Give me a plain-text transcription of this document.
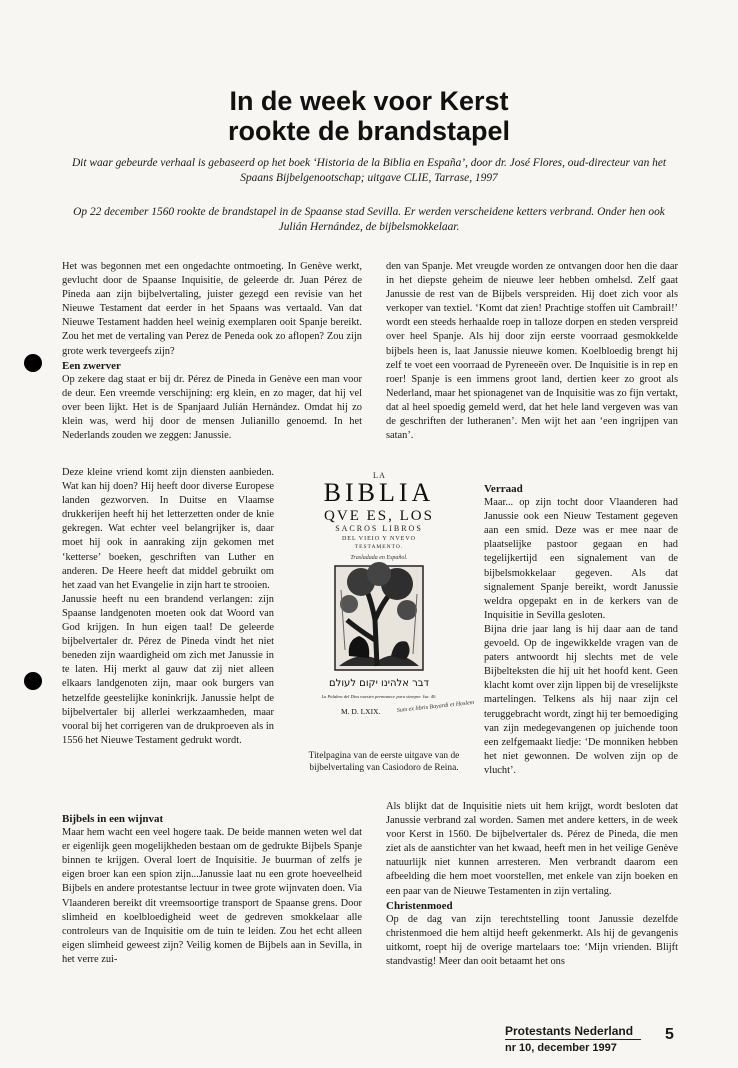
In de week voor Kerst
rookte de brandstapel
Dit waar gebeurde verhaal is gebaseerd op het boek ‘Historia de la Biblia en España’, door dr. José Flores, oud-directeur van het Spaans Bijbelgenootschap; uitgave CLIE, Tarrase, 1997
Op 22 december 1560 rookte de brandstapel in de Spaanse stad Sevilla. Er werden verscheidene ketters verbrand. Onder hen ook Julián Hernández, de bijbelsmokkelaar.

Het was begonnen met een ongedachte ontmoeting. In Genève werkt, gevlucht door de Spaanse Inquisitie, de geleerde dr. Juan Pérez de Pineda aan zijn bijbelvertaling, juister gezegd een revisie van het Nieuwe Testament dat eerder in het Spaans was vertaald. Van dat Nieuwe Testament hadden heel weinig exemplaren ooit Spanje bereikt. Zou het met de vertaling van Perez de Peneda ook zo aflopen? Zou zijn grote werk tevergeefs zijn?

Een zwerver

Op zekere dag staat er bij dr. Pérez de Pineda in Genève een man voor de deur. Een vreemde verschijning: erg klein, en zo mager, dat hij vel over been lijkt. Het is de Spanjaard Julián Hernández. Omdat hij zo klein was, werd hij door de mensen Julianillo genoemd. In het Nederlands zouden we zeggen: Janussie.

Deze kleine vriend komt zijn diensten aanbieden. Wat kan hij doen? Hij heeft door diverse Europese landen gezworven. In Duitse en Vlaamse drukkerijen heeft hij het letterzetten onder de knie gekregen. Wat echter veel belangrijker is, daar moet hij ook in aanraking zijn gekomen met ‘ketterse’ boeken, geschriften van Luther en anderen. De Heere heeft dat middel gebruikt om het zaad van het Evangelie in zijn hart te strooien.

Janussie heeft nu een brandend verlangen: zijn Spaanse landgenoten moeten ook dat Woord van God krijgen. In hun eigen taal! De geleerde bijbelvertaler dr. Pérez de Pineda vindt het niet beneden zijn waardigheid om zich met Janussie in te laten. Hij merkt al gauw dat zij niet alleen elkaars landgenoten zijn, maar ook burgers van hetzelfde geestelijke koninkrijk. Janussie helpt de bijbelvertaler bij allerlei werkzaamheden, maar vooral bij het corrigeren van de drukproeven als in 1556 het Nieuwe Testament gedrukt wordt.

Bijbels in een wijnvat

Maar hem wacht een veel hogere taak. De beide mannen weten wel dat er eigenlijk geen mogelijkheden bestaan om de gedrukte Bijbels Spanje binnen te krijgen. Overal loert de Inquisitie. Je buurman of zelfs je eigen broer kan een spion zijn...Janussie laat nu een grote hoeveelheid Bijbels en andere protestantse lectuur in twee grote wijnvaten doen. Via Vlaanderen bereikt dit vreemsoortige transport de Spaanse grens. Door slimheid en koelbloedigheid weet de gedreven smokkelaar alle controleurs van de Inquisitie om de tuin te leiden. Zou het echt alleen eigen slimheid geweest zijn? Veilig komen de Bijbels aan in Sevilla, in het verre zui-

den van Spanje. Met vreugde worden ze ontvangen door hen die daar in het diepste geheim de nieuwe leer hebben omhelsd. Zelf gaat Janussie de rest van de Bijbels verspreiden. Hij doet zich voor als verkoper van textiel. ‘Komt dat zien! Prachtige stoffen uit Cambrail!’ wordt een steeds herhaalde roep in talloze dorpen en steden verspreid over heel Spanje. Als hij door zijn eerste voorraad gesmokkelde bijbels heen is, laat Janussie nieuwe komen. Koelbloedig brengt hij zelf te voet een voorraad de Pyreneeën over. De Inquisitie is in rep en roer! Spanje is een immens groot land, dertien keer zo groot als Nederland, maar het spionagenet van de Inquisitie was zo fijn vertakt, dat al heel spoedig gemeld werd, dat het hele land vergeven was van de geschriften der lutheranen’. Men wijt het aan ‘een ingrijpen van satan’.

Verraad

Maar... op zijn tocht door Vlaanderen had Janussie ook een Nieuw Testament gegeven aan een smid. Deze was er mee naar de plaatselijke pastoor gegaan en had tegelijkertijd een signalement van de bijbelsmokkelaar gegeven. Als dat signalement Spanje bereikt, wordt Janussie weldra opgepakt en in de kerkers van de Inquisitie in Sevilla gesloten.

Bijna drie jaar lang is hij daar aan de tand gevoeld. Op de ingewikkelde vragen van de paters antwoordt hij slechts met de vele Bijbelteksten die hij uit het hoofd kent. Geen klacht komt over zijn lippen bij de vreselijkste martelingen. Telkens als hij naar zijn cel teruggebracht wordt, zingt hij ter bemoediging van zijn medegevangenen op juichende toon een zelfgemaakt liedje: ‘De monniken hebben het niet gewonnen. De wolven zijn op de vlucht’.

Als blijkt dat de Inquisitie niets uit hem krijgt, wordt besloten dat Janussie verbrand zal worden. Samen met andere ketters, in de week voor Kerst in 1560. De bijbelvertaler ds. Pérez de Pineda, die men ziet als de aanstichter van het kwaad, heeft men in het veilige Genève natuurlijk niet kunnen arresteren. Men verbrandt daarom een afbeelding die hem moet voorstellen, met enkele van zijn boeken en een paar van de Nieuwe Testamenten in zijn vertaling.

Christenmoed

Op de dag van zijn terechtstelling toont Janussie dezelfde christenmoed die hem altijd heeft gekenmerkt. Als hij de gevangenis uitkomt, roept hij de overige martelaars toe: ‘Mijn vrienden. Blijft standvastig! Meer dan ooit betaamt het ons

L A
BIBLIA
QVE ES, LOS
SACROS LIBROS
DEL VIEIO Y NVEVO
TESTAMENTO.
Trasladada en Español.
דבר אלהינו יקום לעולם
La Palabra del Dios nuestro permanece para siempre. Isa. 40.
M. D. LXIX.	Sum ex libris Bayardi et Hoslem
Titelpagina van de eerste uitgave van de bijbelvertaling van Casiodoro de Reina.
Protestants Nederland
nr 10, december 1997
5
